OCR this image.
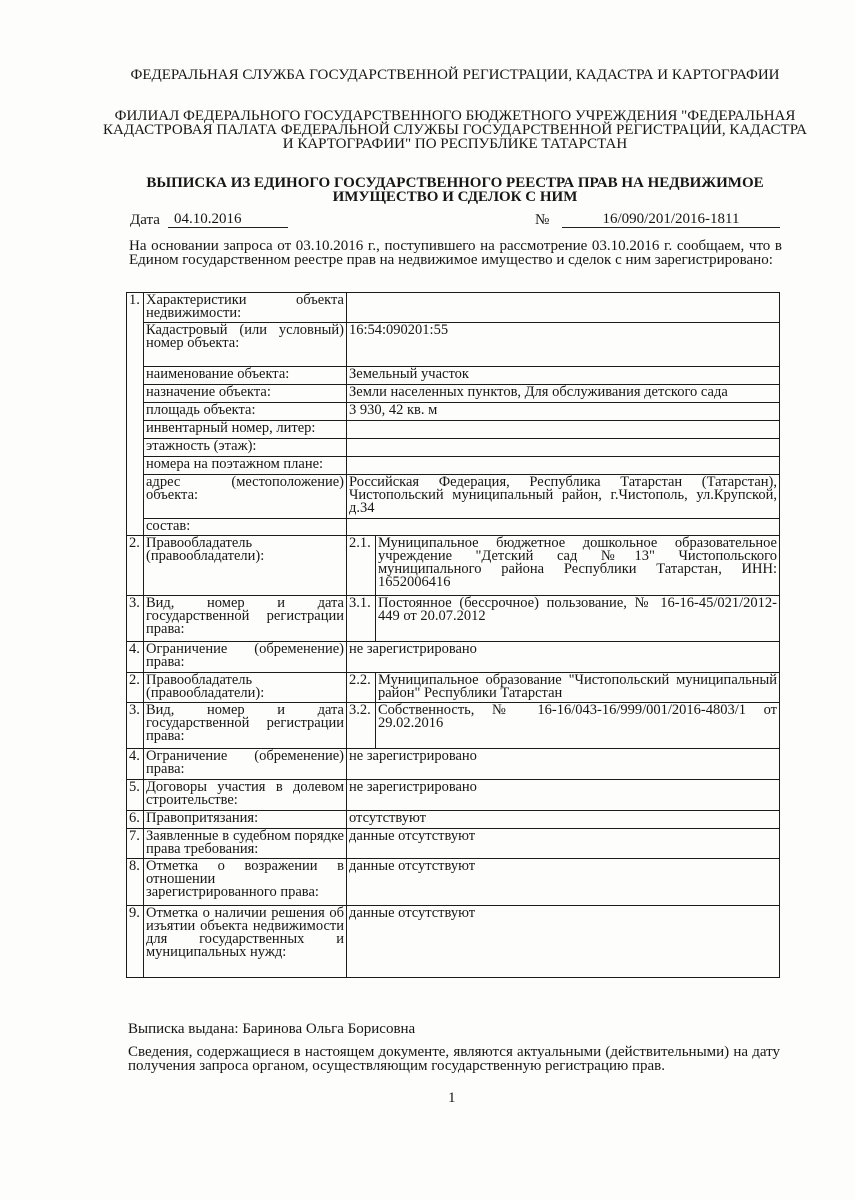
ФЕДЕРАЛЬНАЯ СЛУЖБА ГОСУДАРСТВЕННОЙ РЕГИСТРАЦИИ, КАДАСТРА И КАРТОГРАФИИ
ФИЛИАЛ ФЕДЕРАЛЬНОГО ГОСУДАРСТВЕННОГО БЮДЖЕТНОГО УЧРЕЖДЕНИЯ "ФЕДЕРАЛЬНАЯ КАДАСТРОВАЯ ПАЛАТА ФЕДЕРАЛЬНОЙ СЛУЖБЫ ГОСУДАРСТВЕННОЙ РЕГИСТРАЦИИ, КАДАСТРА И КАРТОГРАФИИ" ПО РЕСПУБЛИКЕ ТАТАРСТАН
ВЫПИСКА ИЗ ЕДИНОГО ГОСУДАРСТВЕННОГО РЕЕСТРА ПРАВ НА НЕДВИЖИМОЕ ИМУЩЕСТВО И СДЕЛОК С НИМ
Дата 04.10.2016	№	16/090/201/2016-1811
На основании запроса от 03.10.2016 г., поступившего на рассмотрение 03.10.2016 г. сообщаем, что в Едином государственном реестре прав на недвижимое имущество и сделок с ним зарегистрировано:
1.	Характеристики объекта недвижимости:		
	Кадастровый (или условный) номер объекта:	16:54:090201:55	
	наименование объекта:	Земельный участок	
	назначение объекта:	Земли населенных пунктов, Для обслуживания детского сада	
	площадь объекта:	3 930, 42 кв. м	
	инвентарный номер, литер:		
	этажность (этаж):		
	номера на поэтажном плане:		
	адрес (местоположение) объекта:	Российская Федерация, Республика Татарстан (Татарстан), Чистопольский муниципальный район, г.Чистополь, ул.Крупской, д.34	
	состав:		
2.	Правообладатель (правообладатели):	2.1.	Муниципальное бюджетное дошкольное образовательное учреждение "Детский сад №13" Чистопольского муниципального района Республики Татарстан, ИНН: 1652006416
3.	Вид, номер и дата государственной регистрации права:	3.1.	Постоянное (бессрочное) пользование, № 16-16-45/021/2012-449 от 20.07.2012
4.	Ограничение (обременение) права:	не зарегистрировано	
2.	Правообладатель (правообладатели):	2.2.	Муниципальное образование "Чистопольский муниципальный район" Республики Татарстан
3.	Вид, номер и дата государственной регистрации права:	3.2.	Собственность, № 16-16/043-16/999/001/2016-4803/1 от 29.02.2016
4.	Ограничение (обременение) права:	не зарегистрировано	
5.	Договоры участия в долевом строительстве:	не зарегистрировано	
6.	Правопритязания:	отсутствуют	
7.	Заявленные в судебном порядке права требования:	данные отсутствуют	
8.	Отметка о возражении в отношении зарегистрированного права:	данные отсутствуют	
9.	Отметка о наличии решения об изъятии объекта недвижимости для государственных и муниципальных нужд:	данные отсутствуют	
Выписка выдана: Баринова Ольга Борисовна
Сведения, содержащиеся в настоящем документе, являются актуальными (действительными) на дату получения запроса органом, осуществляющим государственную регистрацию прав.
1
